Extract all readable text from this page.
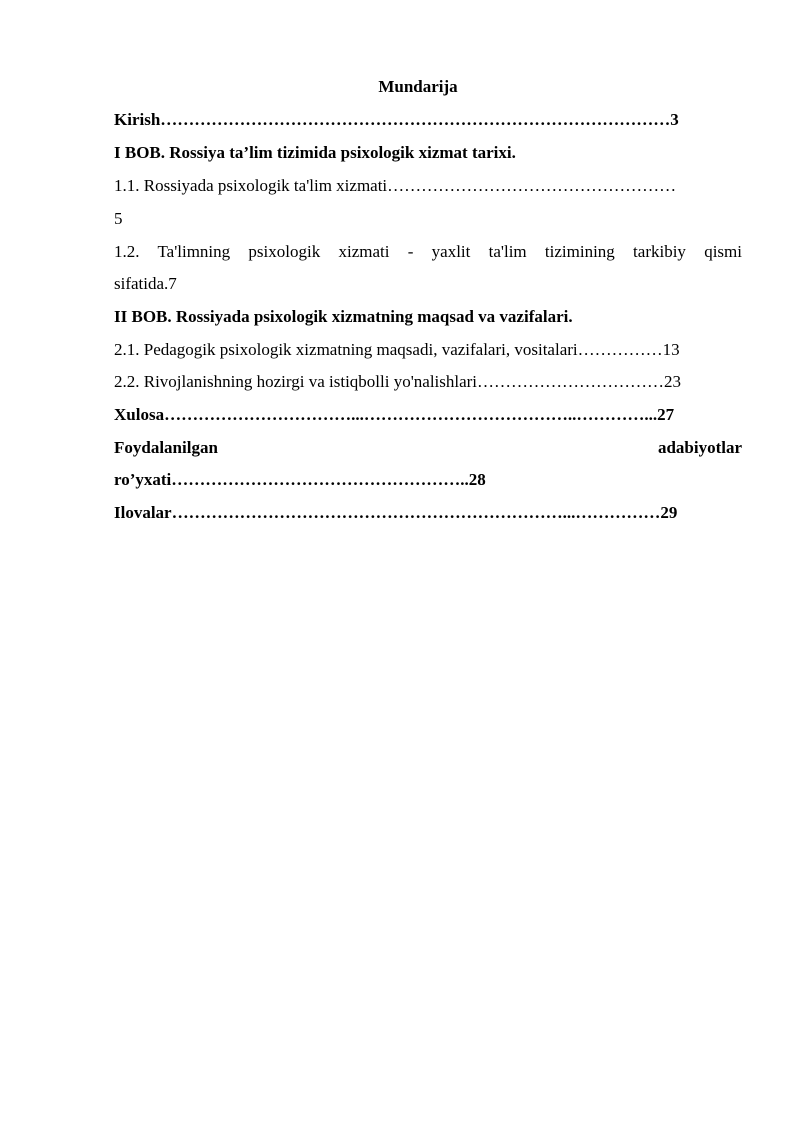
Mundarija
Kirish………………………………………………………………………………3
I BOB. Rossiya ta’lim tizimida psixologik xizmat tarixi.
1.1. Rossiyada psixologik ta'lim xizmati……………………………………………
5
1.2. Ta'limning psixologik xizmati - yaxlit ta'lim tizimining tarkibiy qismi
sifatida.7
II BOB. Rossiyada psixologik xizmatning maqsad va vazifalari.
2.1. Pedagogik psixologik xizmatning maqsadi, vazifalari, vositalari……………13
2.2. Rivojlanishning hozirgi va istiqbolli yo'nalishlari……………………………23
Xulosa……………………………...………………………………..…………...27
Foydalanilgan	adabiyotlar
ro’yxati……………………………………………..28
Ilovalar……………………………………………………………...……………29
